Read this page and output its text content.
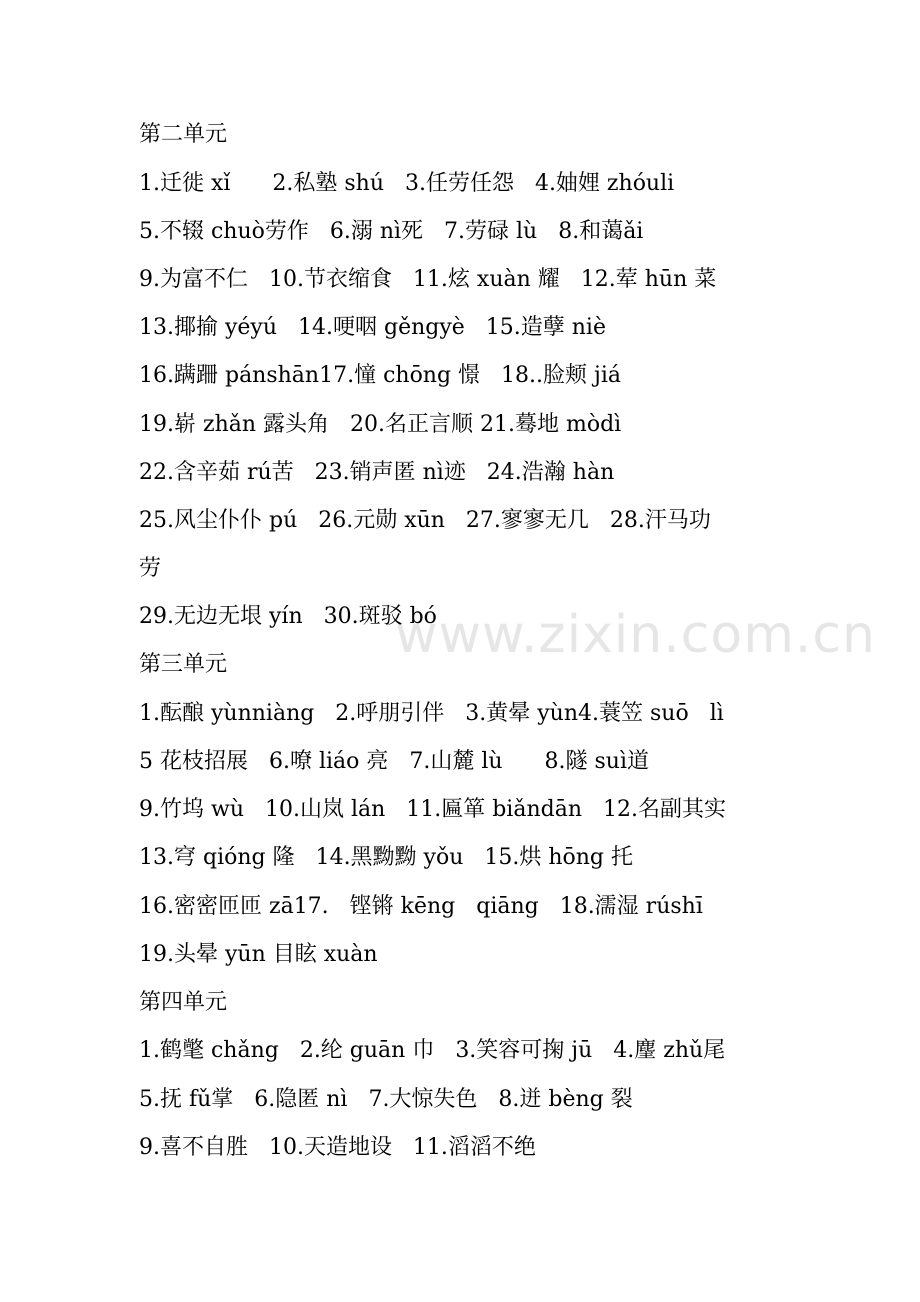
www.zixin.com.cn
第二单元
1.迁徙 xǐ      2.私塾 shú   3.任劳任怨   4.妯娌 zhóuli
5.不辍 chuò劳作   6.溺 nì死   7.劳碌 lù   8.和蔼ǎi
9.为富不仁   10.节衣缩食   11.炫 xuàn 耀   12.荤 hūn 菜
13.揶揄 yéyú   14.哽咽 gěngyè   15.造孽 niè
16.蹒跚 pánshān17.憧 chōng 憬   18..脸颊 jiá
19.崭 zhǎn 露头角   20.名正言顺 21.蓦地 mòdì
22.含辛茹 rú苦   23.销声匿 nì迹   24.浩瀚 hàn
25.风尘仆仆 pú   26.元勋 xūn   27.寥寥无几   28.汗马功
劳
29.无边无垠 yín   30.斑驳 bó
第三单元
1.酝酿 yùnniàng   2.呼朋引伴   3.黄晕 yùn4.蓑笠 suō   lì
5 花枝招展   6.嘹 liáo 亮   7.山麓 lù      8.隧 suì道
9.竹坞 wù   10.山岚 lán   11.匾箪 biǎndān   12.名副其实
13.穹 qióng 隆   14.黑黝黝 yǒu   15.烘 hōng 托
16.密密匝匝 zā17.   铿锵 kēng   qiāng   18.濡湿 rúshī
19.头晕 yūn 目眩 xuàn
第四单元
1.鹤氅 chǎng   2.纶 guān 巾   3.笑容可掬 jū   4.麈 zhǔ尾
5.抚 fǔ掌   6.隐匿 nì   7.大惊失色   8.迸 bèng 裂
9.喜不自胜   10.天造地设   11.滔滔不绝
